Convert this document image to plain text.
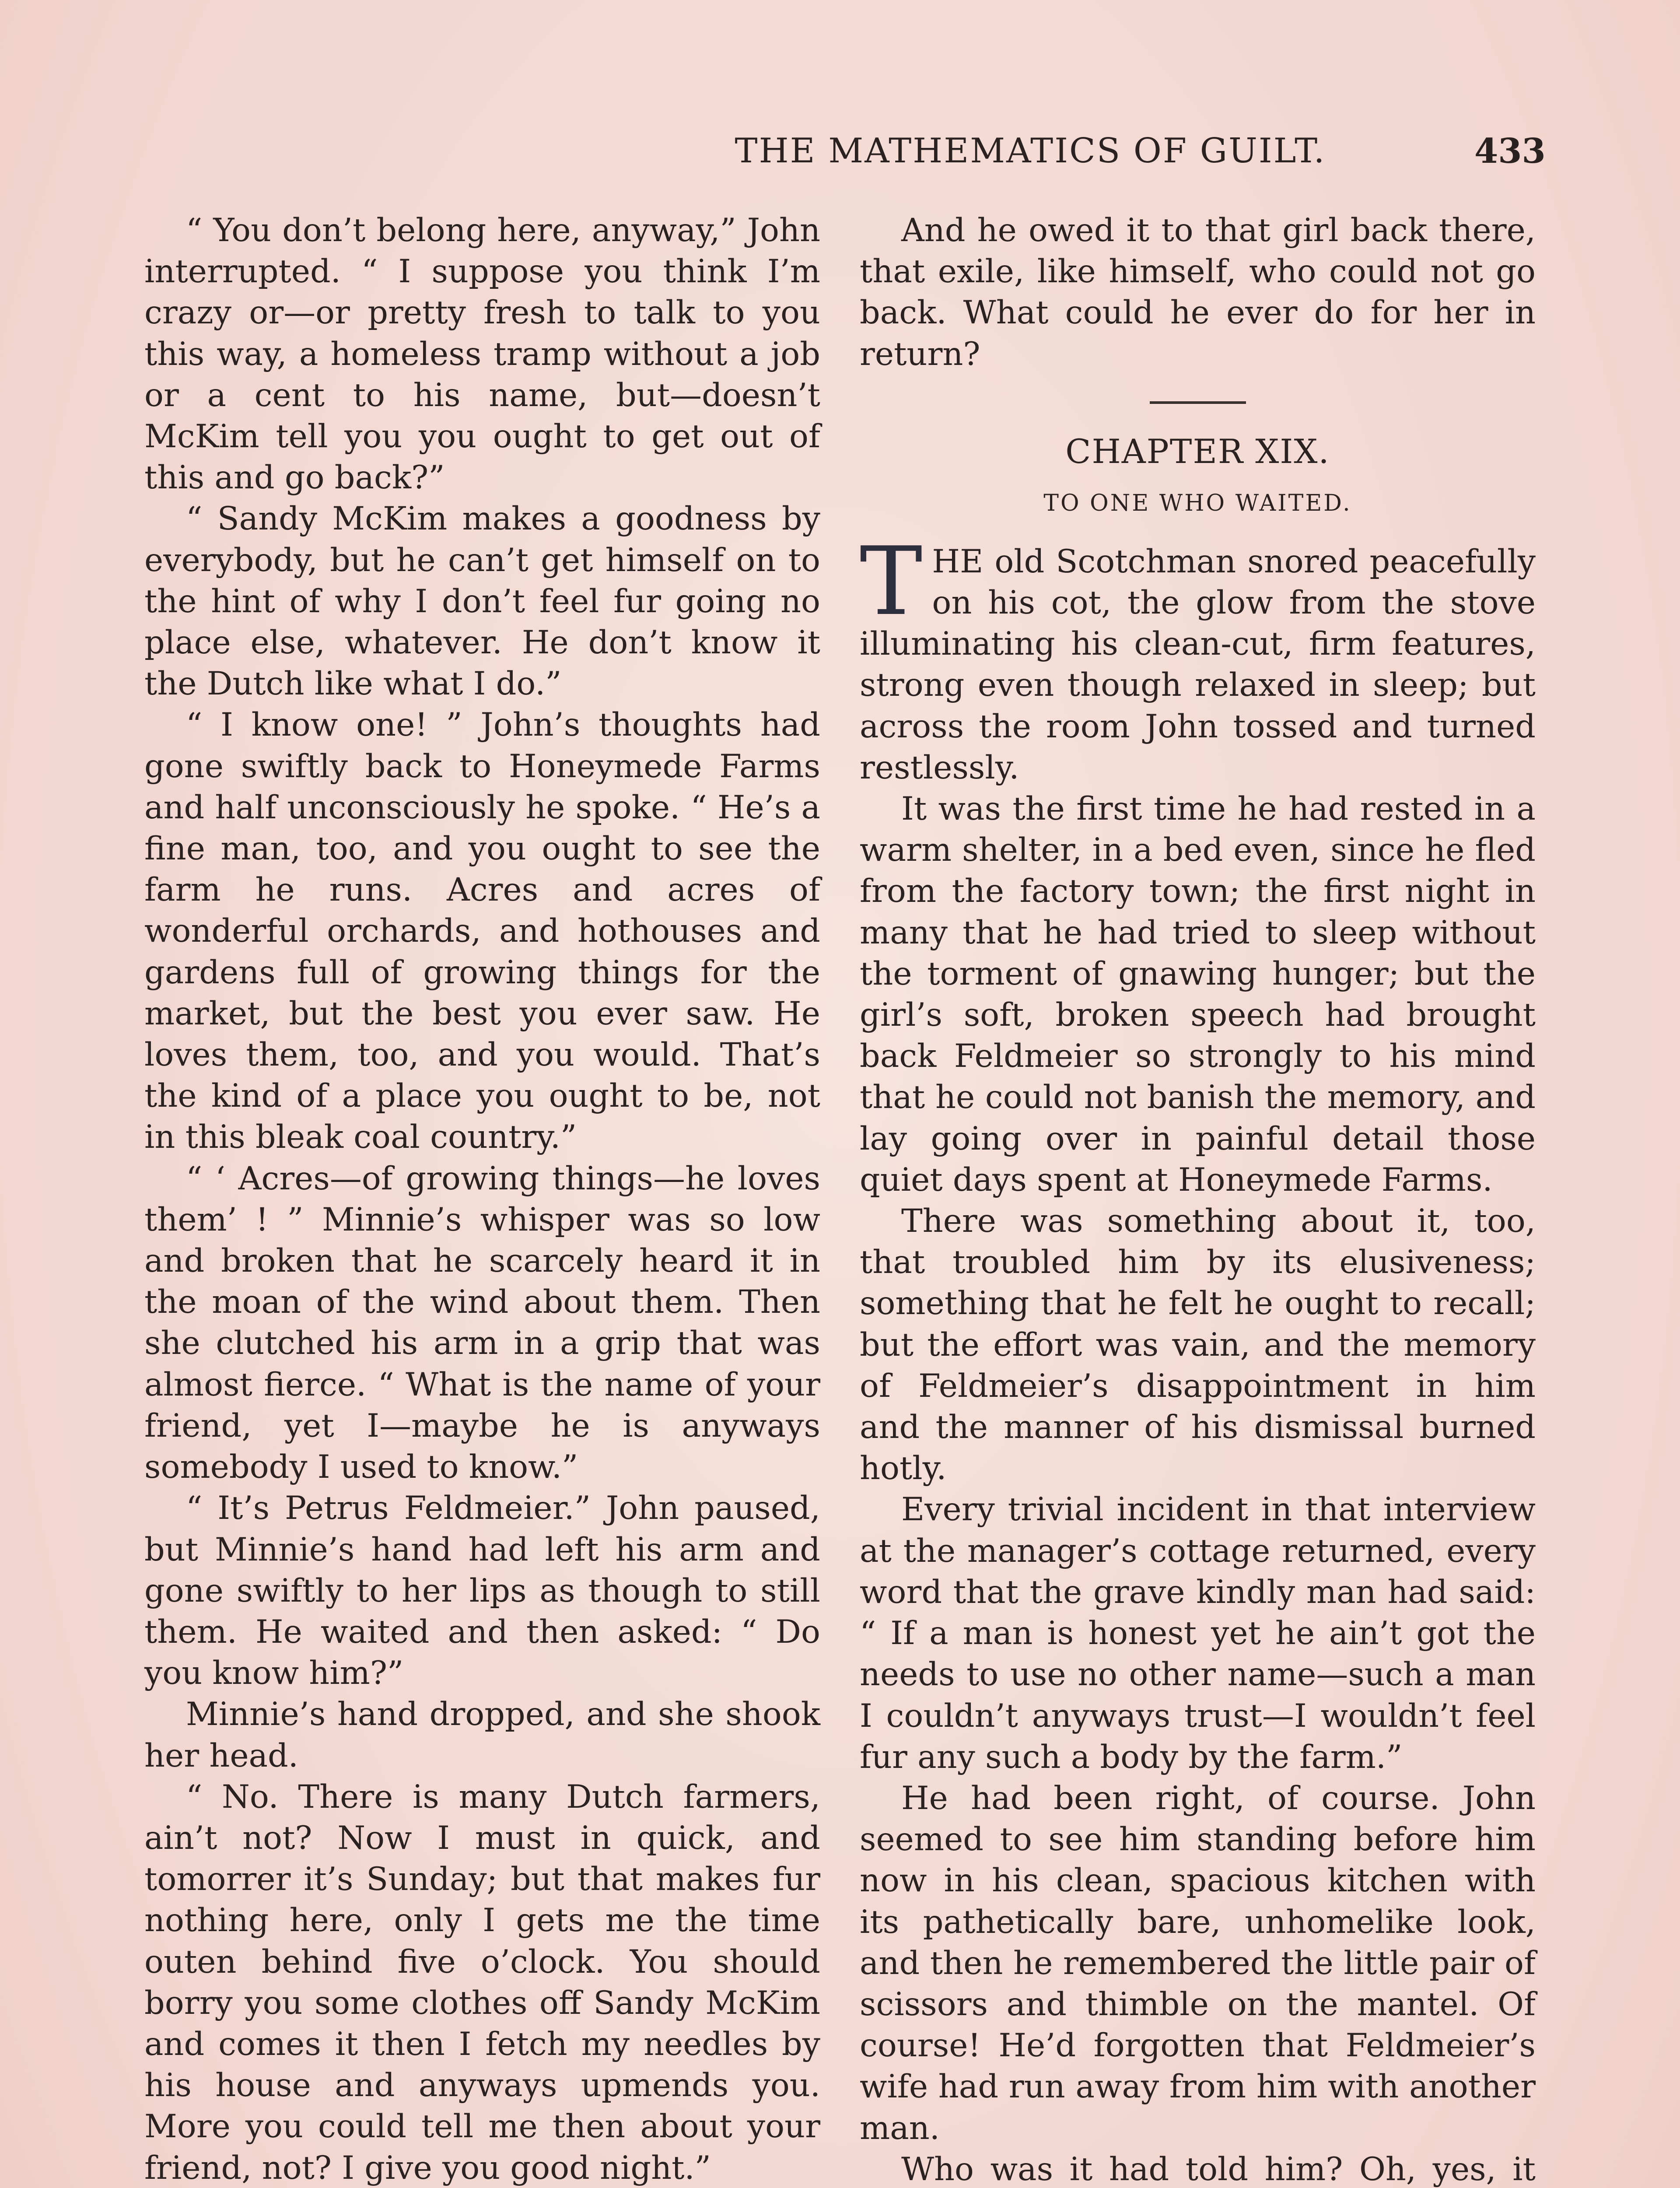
THE MATHEMATICS OF GUILT.	433

“ You don’t belong here, anyway,” John interrupted. “ I suppose you think I’m crazy or—or pretty fresh to talk to you this way, a homeless tramp without a job or a cent to his name, but—doesn’t McKim tell you you ought to get out of this and go back?”

“ Sandy McKim makes a goodness by everybody, but he can’t get himself on to the hint of why I don’t feel fur going no place else, whatever. He don’t know it the Dutch like what I do.”

“ I know one! ” John’s thoughts had gone swiftly back to Honeymede Farms and half unconsciously he spoke. “ He’s a fine man, too, and you ought to see the farm he runs. Acres and acres of wonderful orchards, and hothouses and gardens full of growing things for the market, but the best you ever saw. He loves them, too, and you would. That’s the kind of a place you ought to be, not in this bleak coal country.”

“ ‘ Acres—of growing things—he loves them’ ! ” Minnie’s whisper was so low and broken that he scarcely heard it in the moan of the wind about them. Then she clutched his arm in a grip that was almost fierce. “ What is the name of your friend, yet I—maybe he is anyways somebody I used to know.”

“ It’s Petrus Feldmeier.” John paused, but Minnie’s hand had left his arm and gone swiftly to her lips as though to still them. He waited and then asked: “ Do you know him?”

Minnie’s hand dropped, and she shook her head.

“ No. There is many Dutch farmers, ain’t not? Now I must in quick, and tomorrer it’s Sunday; but that makes fur nothing here, only I gets me the time outen behind five o’clock. You should borry you some clothes off Sandy McKim and comes it then I fetch my needles by his house and anyways upmends you. More you could tell me then about your friend, not? I give you good night.”

And he owed it to that girl back there, that exile, like himself, who could not go back. What could he ever do for her in return?

CHAPTER XIX.
TO ONE WHO WAITED.

THE old Scotchman snored peacefully on his cot, the glow from the stove illuminating his clean-cut, firm features, strong even though relaxed in sleep; but across the room John tossed and turned restlessly.

It was the first time he had rested in a warm shelter, in a bed even, since he fled from the factory town; the first night in many that he had tried to sleep without the torment of gnawing hunger; but the girl’s soft, broken speech had brought back Feldmeier so strongly to his mind that he could not banish the memory, and lay going over in painful detail those quiet days spent at Honeymede Farms.

There was something about it, too, that troubled him by its elusiveness; something that he felt he ought to recall; but the effort was vain, and the memory of Feldmeier’s disappointment in him and the manner of his dismissal burned hotly.

Every trivial incident in that interview at the manager’s cottage returned, every word that the grave kindly man had said: “ If a man is honest yet he ain’t got the needs to use no other name—such a man I couldn’t anyways trust—I wouldn’t feel fur any such a body by the farm.”

He had been right, of course. John seemed to see him standing before him now in his clean, spacious kitchen with its pathetically bare, unhomelike look, and then he remembered the little pair of scissors and thimble on the mantel. Of course! He’d forgotten that Feldmeier’s wife had run away from him with another man.

Who was it had told him? Oh, yes, it
